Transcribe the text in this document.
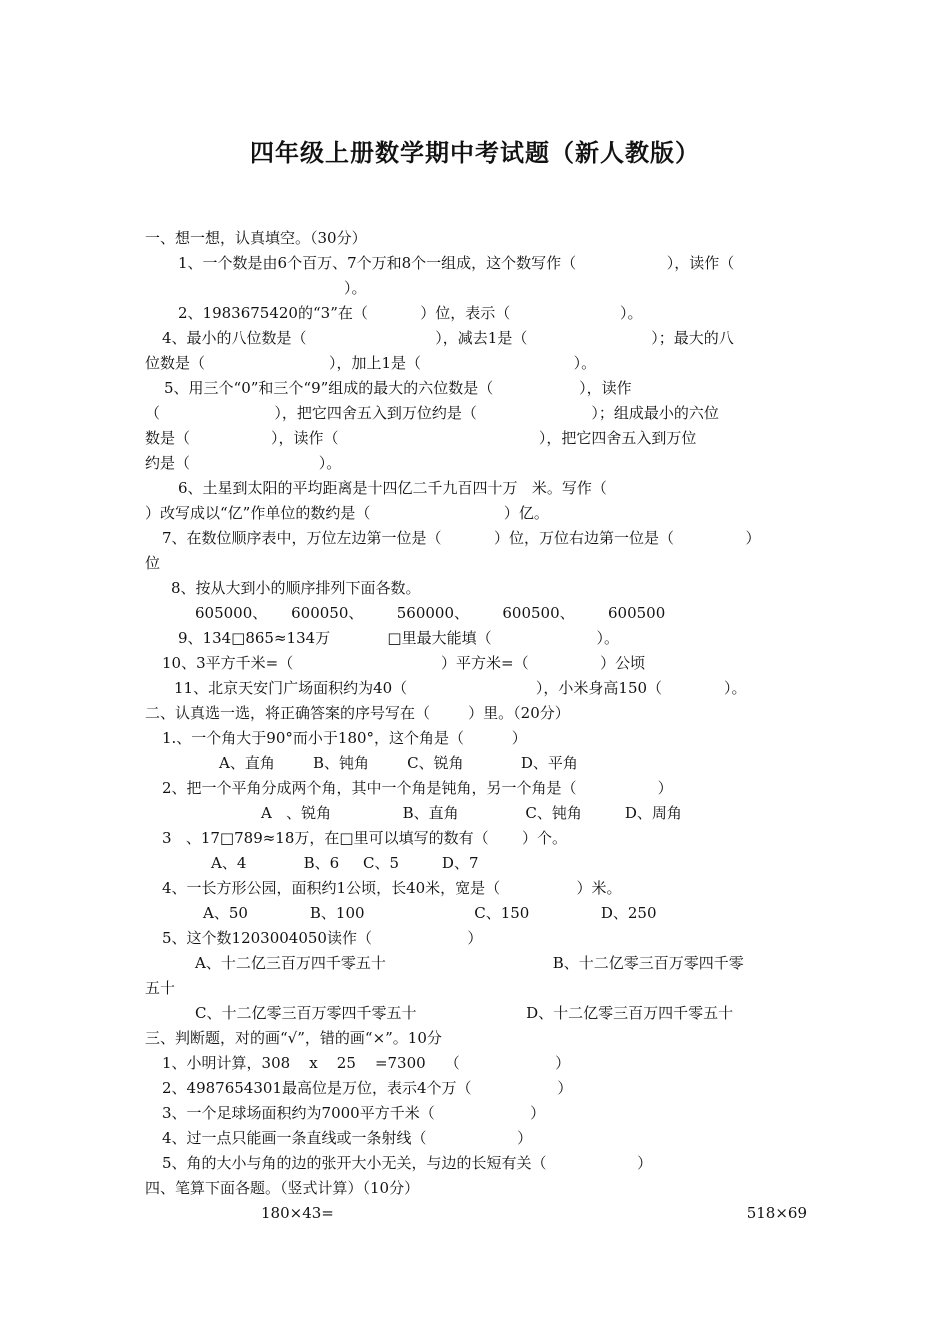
四年级上册数学期中考试题（新人教版）
一、想一想，认真填空。（30分）
1、一个数是由6个百万、7个万和8个一组成，这个数写作（                   ），读作（
）。
2、1983675420的“3”在（           ）位，表示（                       ）。
4、最小的八位数是（                           ），减去1是（                          ）；最大的八
位数是（                          ），加上1是（                                ）。
5、用三个“0”和三个“9”组成的最大的六位数是（                  ），读作
（                        ），把它四舍五入到万位约是（                        ）；组成最小的六位
数是（                 ），读作（                                          ），把它四舍五入到万位
约是（                           ）。
6、土星到太阳的平均距离是十四亿二千九百四十万   米。写作（
）改写成以“亿”作单位的数约是（                            ）亿。
7、在数位顺序表中，万位左边第一位是（           ）位，万位右边第一位是（               ）
位
8、按从大到小的顺序排列下面各数。
605000、     600050、       560000、       600500、       600500
9、134□865≈134万            □里最大能填（                      ）。
10、3平方千米=（                               ）平方米=（               ）公顷
11、北京天安门广场面积约为40（                           ），小米身高150（             ）。
二、认真选一选，将正确答案的序号写在（        ）里。（20分）
1.、一个角大于90°而小于180°，这个角是（          ）
A、直角        B、钝角        C、锐角            D、平角
2、把一个平角分成两个角，其中一个角是钝角，另一个角是（                 ）
A   、锐角               B、直角              C、钝角         D、周角
3   、17□789≈18万，在□里可以填写的数有（       ）个。
A、4            B、6     C、5         D、7
4、一长方形公园，面积约1公顷，长40米，宽是（                ）米。
A、50             B、100                       C、150               D、250
5、这个数1203004050读作（                    ）
A、十二亿三百万四千零五十                                   B、十二亿零三百万零四千零
五十
C、十二亿零三百万零四千零五十                       D、十二亿零三百万四千零五十
三、判断题，对的画“√”，错的画“×”。10分
1、小明计算，308    x    25    =7300    （                    ）
2、4987654301最高位是万位，表示4个万（                  ）
3、一个足球场面积约为7000平方千米（                    ）
4、过一点只能画一条直线或一条射线（                   ）
5、角的大小与角的边的张开大小无关，与边的长短有关（                   ）
四、笔算下面各题。（竖式计算）（10分）
180×43=	518×69
